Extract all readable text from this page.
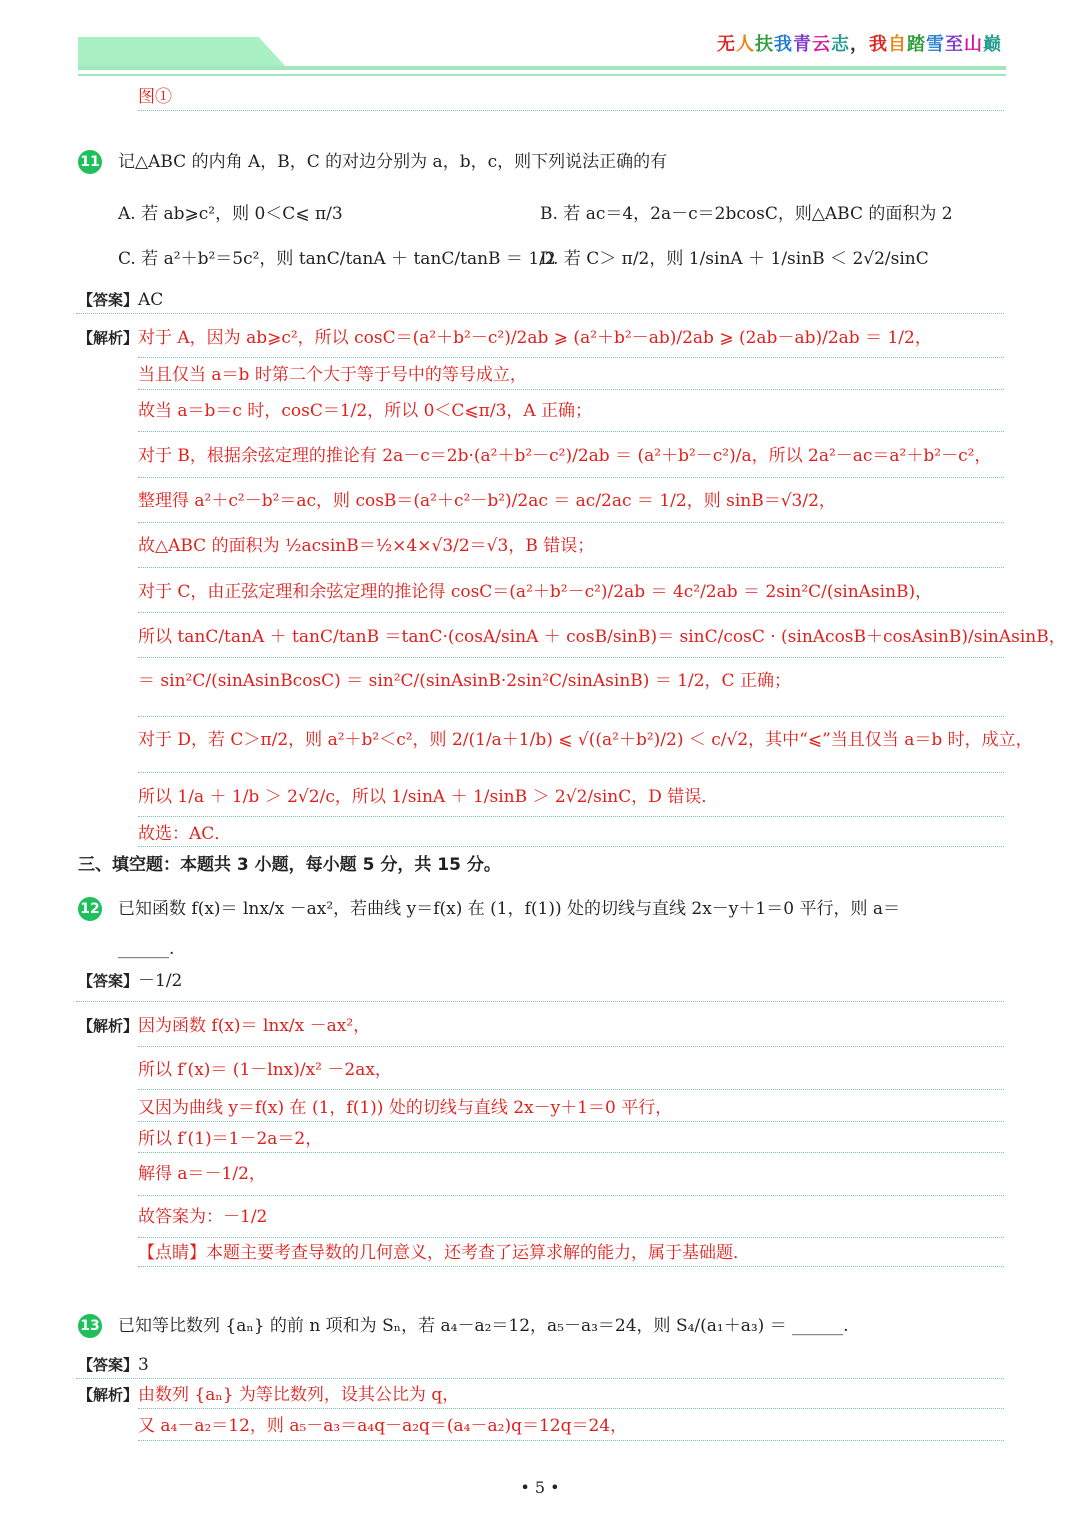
无人扶我青云志，我自踏雪至山巅
图①
11 记△ABC 的内角 A，B，C 的对边分别为 a，b，c，则下列说法正确的有
A. 若 ab⩾c²，则 0＜C⩽ π/3	B. 若 ac＝4，2a－c＝2bcosC，则△ABC 的面积为 2
C. 若 a²＋b²＝5c²，则 tanC/tanA ＋ tanC/tanB ＝ 1/2
D. 若 C＞ π/2，则 1/sinA ＋ 1/sinB ＜ 2√2/sinC
【答案】AC
【解析】 对于 A，因为 ab⩾c²，所以 cosC＝(a²＋b²－c²)/2ab ⩾ (a²＋b²－ab)/2ab ⩾ (2ab－ab)/2ab ＝ 1/2，
当且仅当 a＝b 时第二个大于等于号中的等号成立，
故当 a＝b＝c 时，cosC＝1/2，所以 0＜C⩽π/3，A 正确；
对于 B，根据余弦定理的推论有 2a－c＝2b·(a²＋b²－c²)/2ab ＝ (a²＋b²－c²)/a，所以 2a²－ac＝a²＋b²－c²，
整理得 a²＋c²－b²＝ac，则 cosB＝(a²＋c²－b²)/2ac ＝ ac/2ac ＝ 1/2，则 sinB＝√3/2，
故△ABC 的面积为 ½acsinB＝½×4×√3/2＝√3，B 错误；
对于 C，由正弦定理和余弦定理的推论得 cosC＝(a²＋b²－c²)/2ab ＝ 4c²/2ab ＝ 2sin²C/(sinAsinB)，
所以 tanC/tanA ＋ tanC/tanB ＝tanC·(cosA/sinA ＋ cosB/sinB)＝ sinC/cosC · (sinAcosB＋cosAsinB)/sinAsinB，
＝ sin²C/(sinAsinBcosC) ＝ sin²C/(sinAsinB·2sin²C/sinAsinB) ＝ 1/2，C 正确；
对于 D，若 C＞π/2，则 a²＋b²＜c²，则 2/(1/a＋1/b) ⩽ √((a²＋b²)/2) ＜ c/√2，其中“⩽”当且仅当 a＝b 时，成立，
所以 1/a ＋ 1/b ＞ 2√2/c，所以 1/sinA ＋ 1/sinB ＞ 2√2/sinC，D 错误．
故选：AC．
三、填空题：本题共 3 小题，每小题 5 分，共 15 分。
12 已知函数 f(x)＝ lnx/x －ax²，若曲线 y＝f(x) 在 (1，f(1)) 处的切线与直线 2x－y＋1＝0 平行，则 a＝
______.
【答案】－1/2
【解析】 因为函数 f(x)＝ lnx/x －ax²，
所以 f′(x)＝ (1－lnx)/x² －2ax，
又因为曲线 y＝f(x) 在 (1，f(1)) 处的切线与直线 2x－y＋1＝0 平行，
所以 f′(1)＝1－2a＝2，
解得 a＝－1/2，
故答案为：－1/2
【点睛】本题主要考查导数的几何意义，还考查了运算求解的能力，属于基础题．
13 已知等比数列 {aₙ} 的前 n 项和为 Sₙ，若 a₄－a₂＝12，a₅－a₃＝24，则 S₄/(a₁＋a₃) ＝ ______.
【答案】3
【解析】 由数列 {aₙ} 为等比数列，设其公比为 q，
又 a₄－a₂＝12，则 a₅－a₃＝a₄q－a₂q＝(a₄－a₂)q＝12q＝24，
• 5 •
